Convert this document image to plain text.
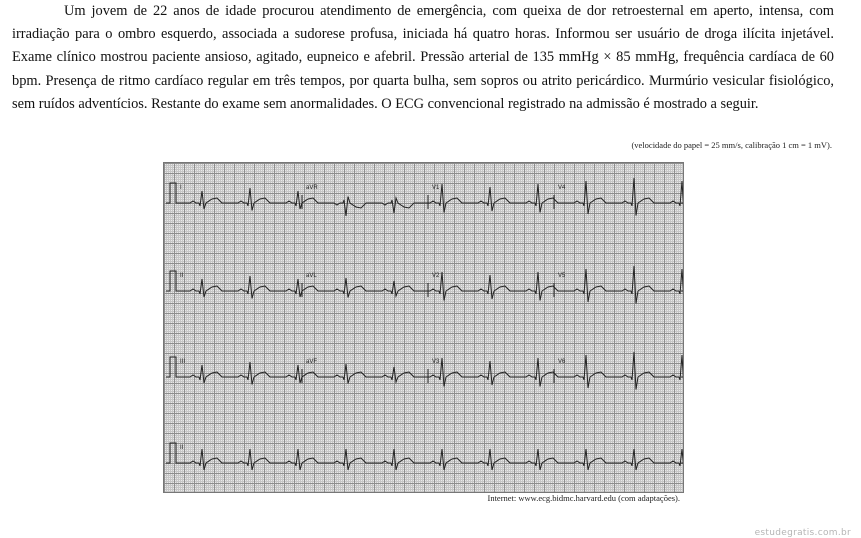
Um jovem de 22 anos de idade procurou atendimento de emergência, com queixa de dor retroesternal em aperto, intensa, com irradiação para o ombro esquerdo, associada a sudorese profusa, iniciada há quatro horas. Informou ser usuário de droga ilícita injetável. Exame clínico mostrou paciente ansioso, agitado, eupneico e afebril. Pressão arterial de 135 mmHg × 85 mmHg, frequência cardíaca de 60 bpm. Presença de ritmo cardíaco regular em três tempos, por quarta bulha, sem sopros ou atrito pericárdico. Murmúrio vesicular fisiológico, sem ruídos adventícios. Restante do exame sem anormalidades. O ECG convencional registrado na admissão é mostrado a seguir.
(velocidade do papel = 25 mm/s, calibração 1 cm = 1 mV).
I	aVR	V1	V4
II	aVL	V2	V5
III	aVF	V3	V6
II
Internet: www.ecg.bidmc.harvard.edu (com adaptações).
estudegratis.com.br
